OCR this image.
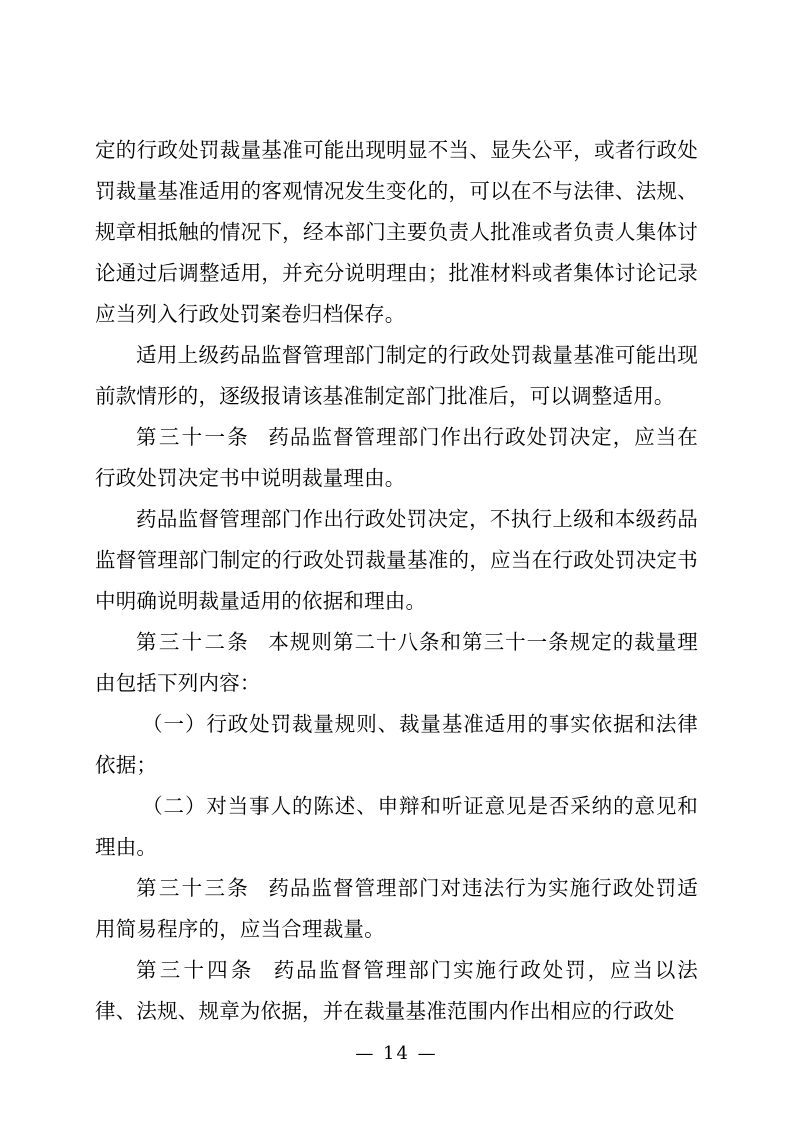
定的行政处罚裁量基准可能出现明显不当、显失公平，或者行政处罚裁量基准适用的客观情况发生变化的，可以在不与法律、法规、规章相抵触的情况下，经本部门主要负责人批准或者负责人集体讨论通过后调整适用，并充分说明理由；批准材料或者集体讨论记录应当列入行政处罚案卷归档保存。

适用上级药品监督管理部门制定的行政处罚裁量基准可能出现前款情形的，逐级报请该基准制定部门批准后，可以调整适用。

第三十一条 药品监督管理部门作出行政处罚决定，应当在行政处罚决定书中说明裁量理由。

药品监督管理部门作出行政处罚决定，不执行上级和本级药品监督管理部门制定的行政处罚裁量基准的，应当在行政处罚决定书中明确说明裁量适用的依据和理由。

第三十二条 本规则第二十八条和第三十一条规定的裁量理由包括下列内容：

（一）行政处罚裁量规则、裁量基准适用的事实依据和法律依据；

（二）对当事人的陈述、申辩和听证意见是否采纳的意见和理由。

第三十三条 药品监督管理部门对违法行为实施行政处罚适用简易程序的，应当合理裁量。

第三十四条 药品监督管理部门实施行政处罚，应当以法律、法规、规章为依据，并在裁量基准范围内作出相应的行政处

— 14 —
